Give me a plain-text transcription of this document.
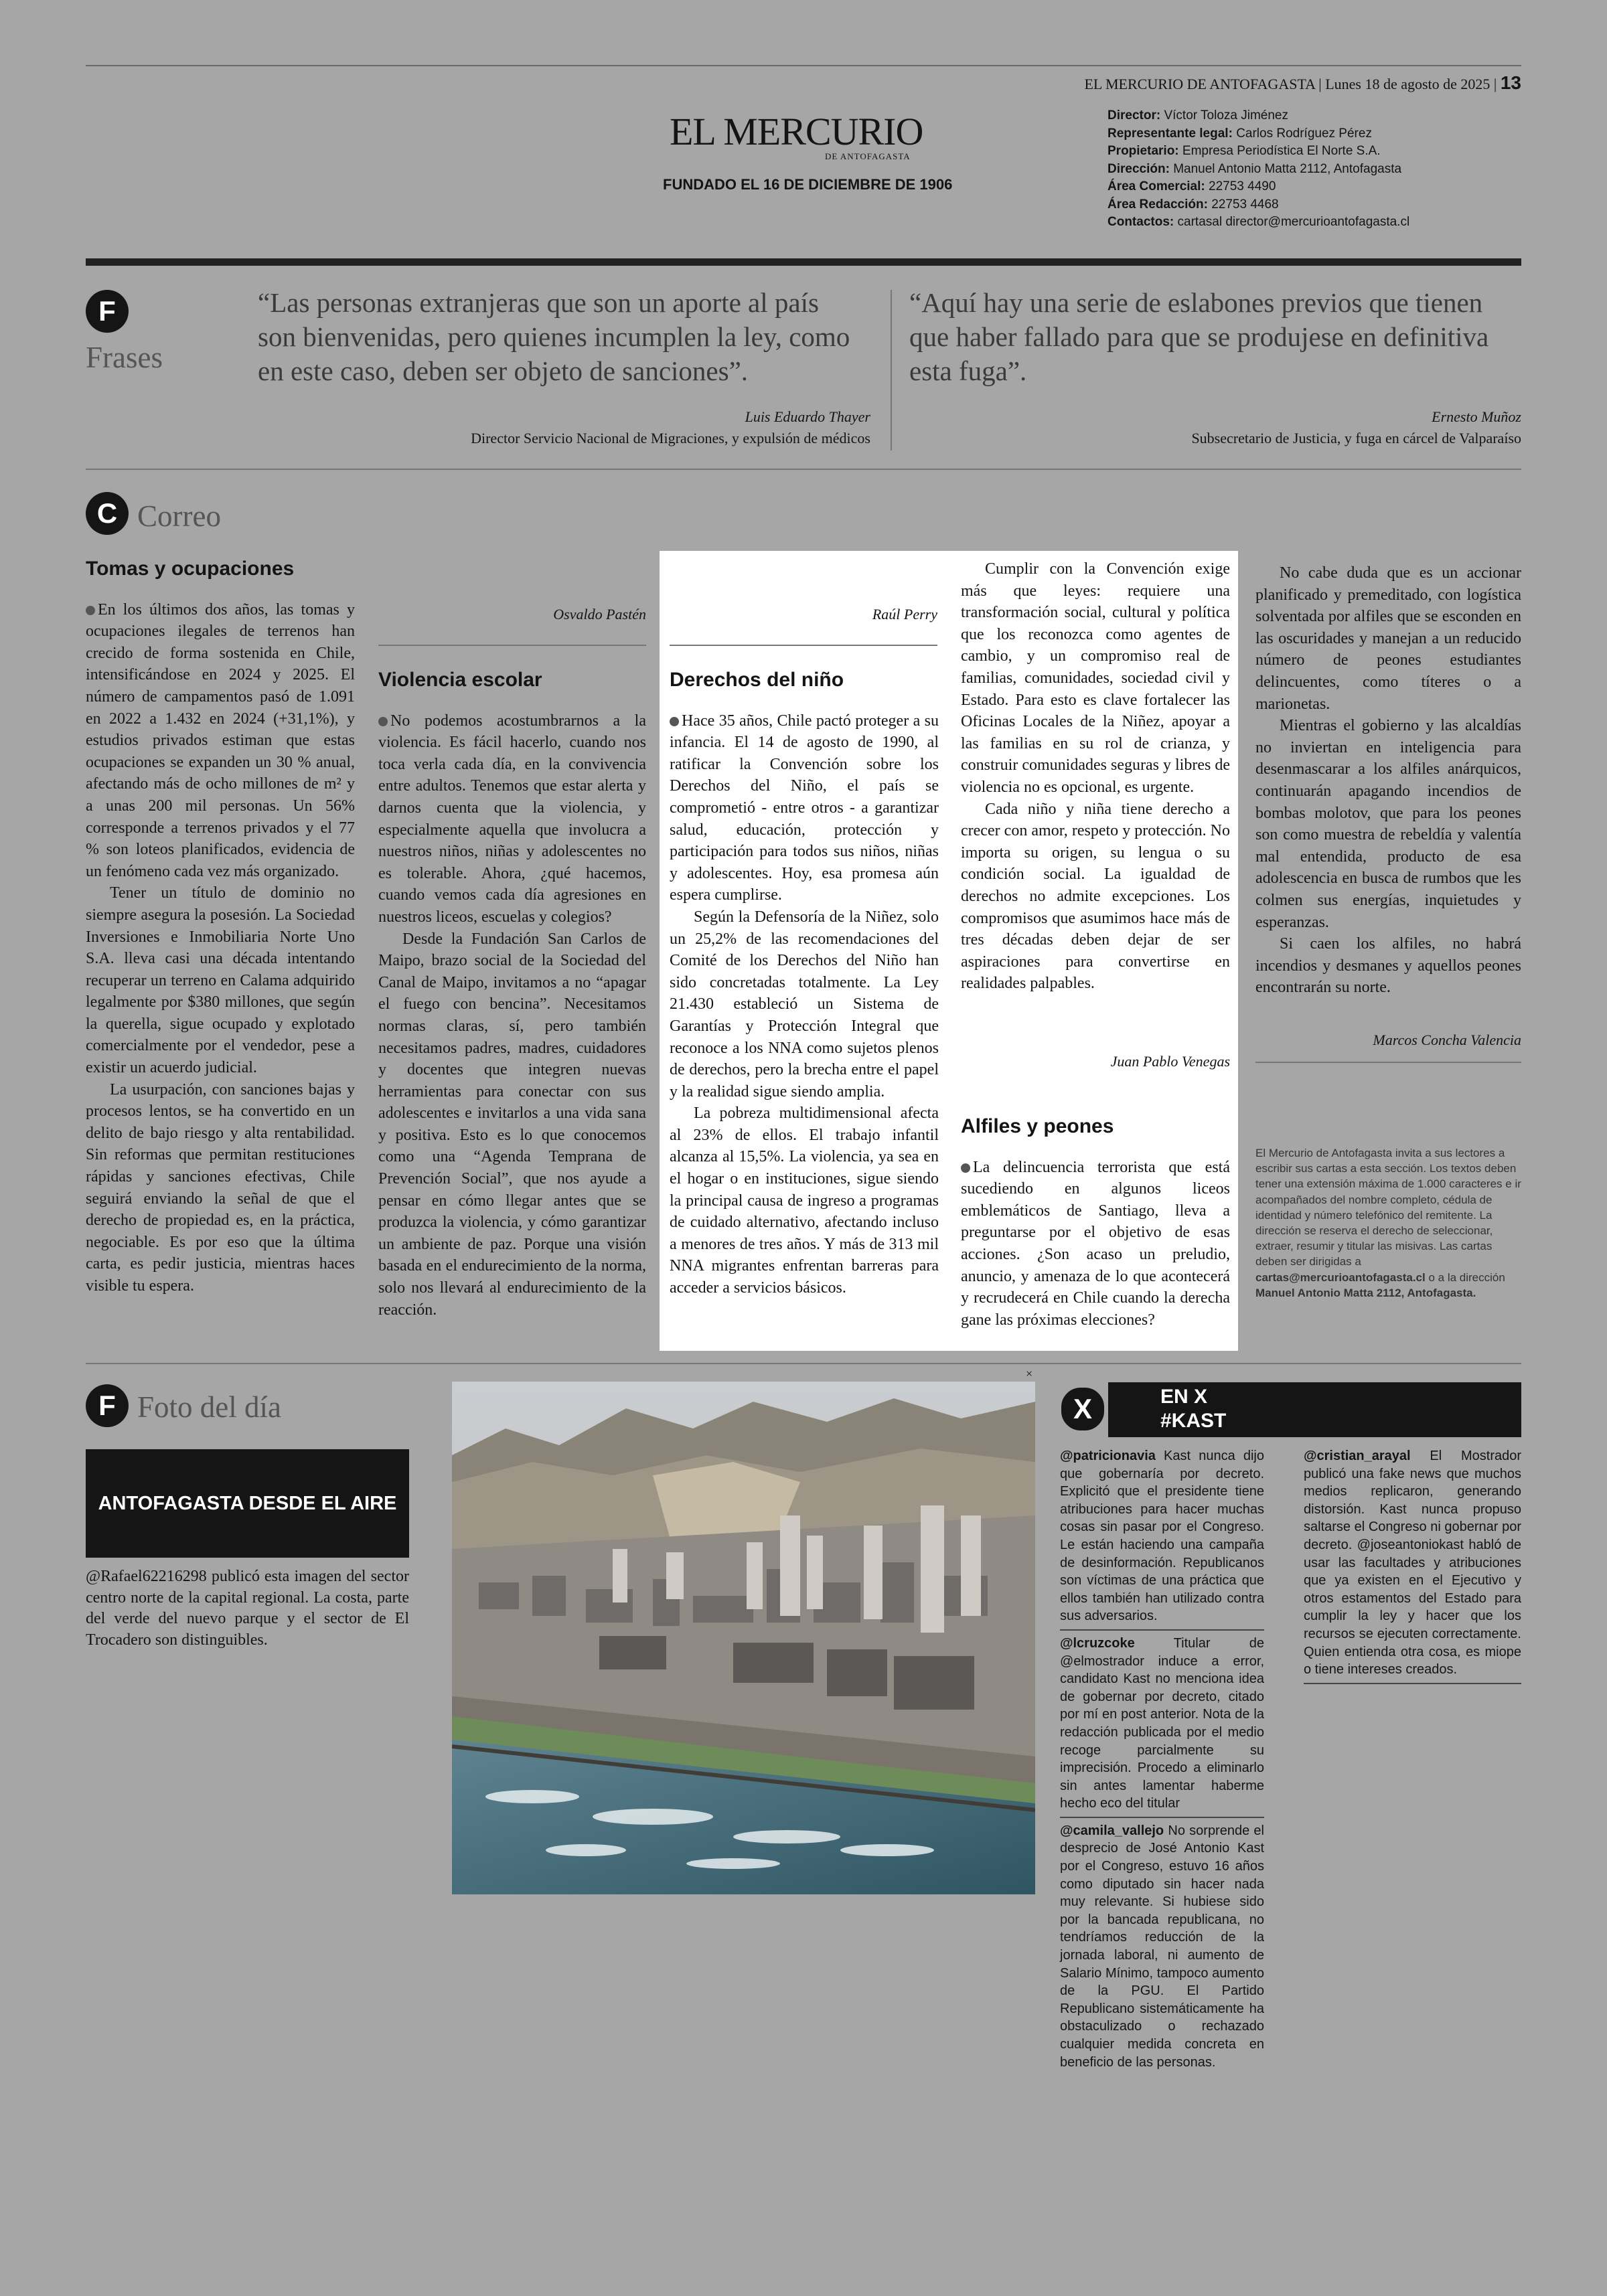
EL MERCURIO DE ANTOFAGASTA | Lunes 18 de agosto de 2025 | 13
EL MERCURIO
DE ANTOFAGASTA
FUNDADO EL 16 DE DICIEMBRE DE 1906
Director: Víctor Toloza Jiménez
Representante legal: Carlos Rodríguez Pérez
Propietario: Empresa Periodística El Norte S.A.
Dirección: Manuel Antonio Matta 2112, Antofagasta
Área Comercial: 22753 4490
Área Redacción: 22753 4468
Contactos: cartasal director@mercurioantofagasta.cl
F
Frases
“Las personas extranjeras que son un aporte al país son bienvenidas, pero quienes incumplen la ley, como en este caso, deben ser objeto de sanciones”.
Luis Eduardo Thayer
Director Servicio Nacional de Migraciones, y expulsión de médicos
“Aquí hay una serie de eslabones previos que tienen que haber fallado para que se produjese en definitiva esta fuga”.
Ernesto Muñoz
Subsecretario de Justicia, y fuga en cárcel de Valparaíso
C Correo
Tomas y ocupaciones

En los últimos dos años, las tomas y ocupaciones ilegales de terrenos han crecido de forma sostenida en Chile, intensificándose en 2024 y 2025. El número de campamentos pasó de 1.091 en 2022 a 1.432 en 2024 (+31,1%), y estudios privados estiman que estas ocupaciones se expanden un 30 % anual, afectando más de ocho millones de m² y a unas 200 mil personas. Un 56% corresponde a terrenos privados y el 77 % son loteos planificados, evidencia de un fenómeno cada vez más organizado.

Tener un título de dominio no siempre asegura la posesión. La Sociedad Inversiones e Inmobiliaria Norte Uno S.A. lleva casi una década intentando recuperar un terreno en Calama adquirido legalmente por $380 millones, que según la querella, sigue ocupado y explotado comercialmente por el vendedor, pese a existir un acuerdo judicial.

La usurpación, con sanciones bajas y procesos lentos, se ha convertido en un delito de bajo riesgo y alta rentabilidad. Sin reformas que permitan restituciones rápidas y sanciones efectivas, Chile seguirá enviando la señal de que el derecho de propiedad es, en la práctica, negociable. Es por eso que la última carta, es pedir justicia, mientras haces visible tu espera.

Osvaldo Pastén
Violencia escolar

No podemos acostumbrarnos a la violencia. Es fácil hacerlo, cuando nos toca verla cada día, en la convivencia entre adultos. Tenemos que estar alerta y darnos cuenta que la violencia, y especialmente aquella que involucra a nuestros niños, niñas y adolescentes no es tolerable. Ahora, ¿qué hacemos, cuando vemos cada día agresiones en nuestros liceos, escuelas y colegios?

Desde la Fundación San Carlos de Maipo, brazo social de la Sociedad del Canal de Maipo, invitamos a no “apagar el fuego con bencina”. Necesitamos normas claras, sí, pero también necesitamos padres, madres, cuidadores y docentes que integren nuevas herramientas para conectar con sus adolescentes e invitarlos a una vida sana y positiva. Esto es lo que conocemos como una “Agenda Temprana de Prevención Social”, que nos ayude a pensar en cómo llegar antes que se produzca la violencia, y cómo garantizar un ambiente de paz. Porque una visión basada en el endurecimiento de la norma, solo nos llevará al endurecimiento de la reacción.

Raúl Perry
Derechos del niño

Hace 35 años, Chile pactó proteger a su infancia. El 14 de agosto de 1990, al ratificar la Convención sobre los Derechos del Niño, el país se comprometió - entre otros - a garantizar salud, educación, protección y participación para todos sus niños, niñas y adolescentes. Hoy, esa promesa aún espera cumplirse.

Según la Defensoría de la Niñez, solo un 25,2% de las recomendaciones del Comité de los Derechos del Niño han sido concretadas totalmente. La Ley 21.430 estableció un Sistema de Garantías y Protección Integral que reconoce a los NNA como sujetos plenos de derechos, pero la brecha entre el papel y la realidad sigue siendo amplia.

La pobreza multidimensional afecta al 23% de ellos. El trabajo infantil alcanza al 15,5%. La violencia, ya sea en el hogar o en instituciones, sigue siendo la principal causa de ingreso a programas de cuidado alternativo, afectando incluso a menores de tres años. Y más de 313 mil NNA migrantes enfrentan barreras para acceder a servicios básicos.

Cumplir con la Convención exige más que leyes: requiere una transformación social, cultural y política que los reconozca como agentes de cambio, y un compromiso real de familias, comunidades, sociedad civil y Estado. Para esto es clave fortalecer las Oficinas Locales de la Niñez, apoyar a las familias en su rol de crianza, y construir comunidades seguras y libres de violencia no es opcional, es urgente.

Cada niño y niña tiene derecho a crecer con amor, respeto y protección. No importa su origen, su lengua o su condición social. La igualdad de derechos no admite excepciones. Los compromisos que asumimos hace más de tres décadas deben dejar de ser aspiraciones para convertirse en realidades palpables.

Juan Pablo Venegas
Alfiles y peones

La delincuencia terrorista que está sucediendo en algunos liceos emblemáticos de Santiago, lleva a preguntarse por el objetivo de esas acciones. ¿Son acaso un preludio, anuncio, y amenaza de lo que acontecerá y recrudecerá en Chile cuando la derecha gane las próximas elecciones?

No cabe duda que es un accionar planificado y premeditado, con logística solventada por alfiles que se esconden en las oscuridades y manejan a un reducido número de peones estudiantes delincuentes, como títeres o a marionetas.

Mientras el gobierno y las alcaldías no inviertan en inteligencia para desenmascarar a los alfiles anárquicos, continuarán apagando incendios de bombas molotov, que para los peones son como muestra de rebeldía y valentía mal entendida, producto de esa adolescencia en busca de rumbos que les colmen sus energías, inquietudes y esperanzas.

Si caen los alfiles, no habrá incendios y desmanes y aquellos peones encontrarán su norte.

Marcos Concha Valencia
El Mercurio de Antofagasta invita a sus lectores a escribir sus cartas a esta sección. Los textos deben tener una extensión máxima de 1.000 caracteres e ir acompañados del nombre completo, cédula de identidad y número telefónico del remitente. La dirección se reserva el derecho de seleccionar, extraer, resumir y titular las misivas. Las cartas deben ser dirigidas a cartas@mercurioantofagasta.cl o a la dirección
Manuel Antonio Matta 2112, Antofagasta.
F Foto del día
ANTOFAGASTA DESDE EL AIRE
@Rafael62216298 publicó esta imagen del sector centro norte de la capital regional. La costa, parte del verde del nuevo parque y el sector de El Trocadero son distinguibles.
×
EN X
#KAST
X

@patricionavia Kast nunca dijo que gobernaría por decreto. Explicitó que el presidente tiene atribuciones para hacer muchas cosas sin pasar por el Congreso. Le están haciendo una campaña de desinformación. Republicanos son víctimas de una práctica que ellos también han utilizado contra sus adversarios.

@lcruzcoke	Titular de @elmostrador induce a error, candidato Kast no menciona idea de gobernar por decreto, citado por mí en post anterior. Nota de la redacción publicada por el medio recoge parcialmente su imprecisión. Procedo a eliminarlo sin antes lamentar haberme hecho eco del titular

@camila_vallejo No sorprende el desprecio de José Antonio Kast por el Congreso, estuvo 16 años como diputado sin hacer nada muy relevante. Si hubiese sido por la bancada republicana, no tendríamos reducción de la jornada laboral, ni aumento de Salario Mínimo, tampoco aumento de la PGU. El Partido Republicano sistemáticamente ha obstaculizado o rechazado cualquier medida concreta en beneficio de las personas.

@cristian_arayal El Mostrador publicó una fake news que muchos medios replicaron, generando distorsión. Kast nunca propuso saltarse el Congreso ni gobernar por decreto. @joseantoniokast habló de usar las facultades y atribuciones que ya existen en el Ejecutivo y otros estamentos del Estado para cumplir la ley y hacer que los recursos se ejecuten correctamente. Quien entienda otra cosa, es miope o tiene intereses creados.
